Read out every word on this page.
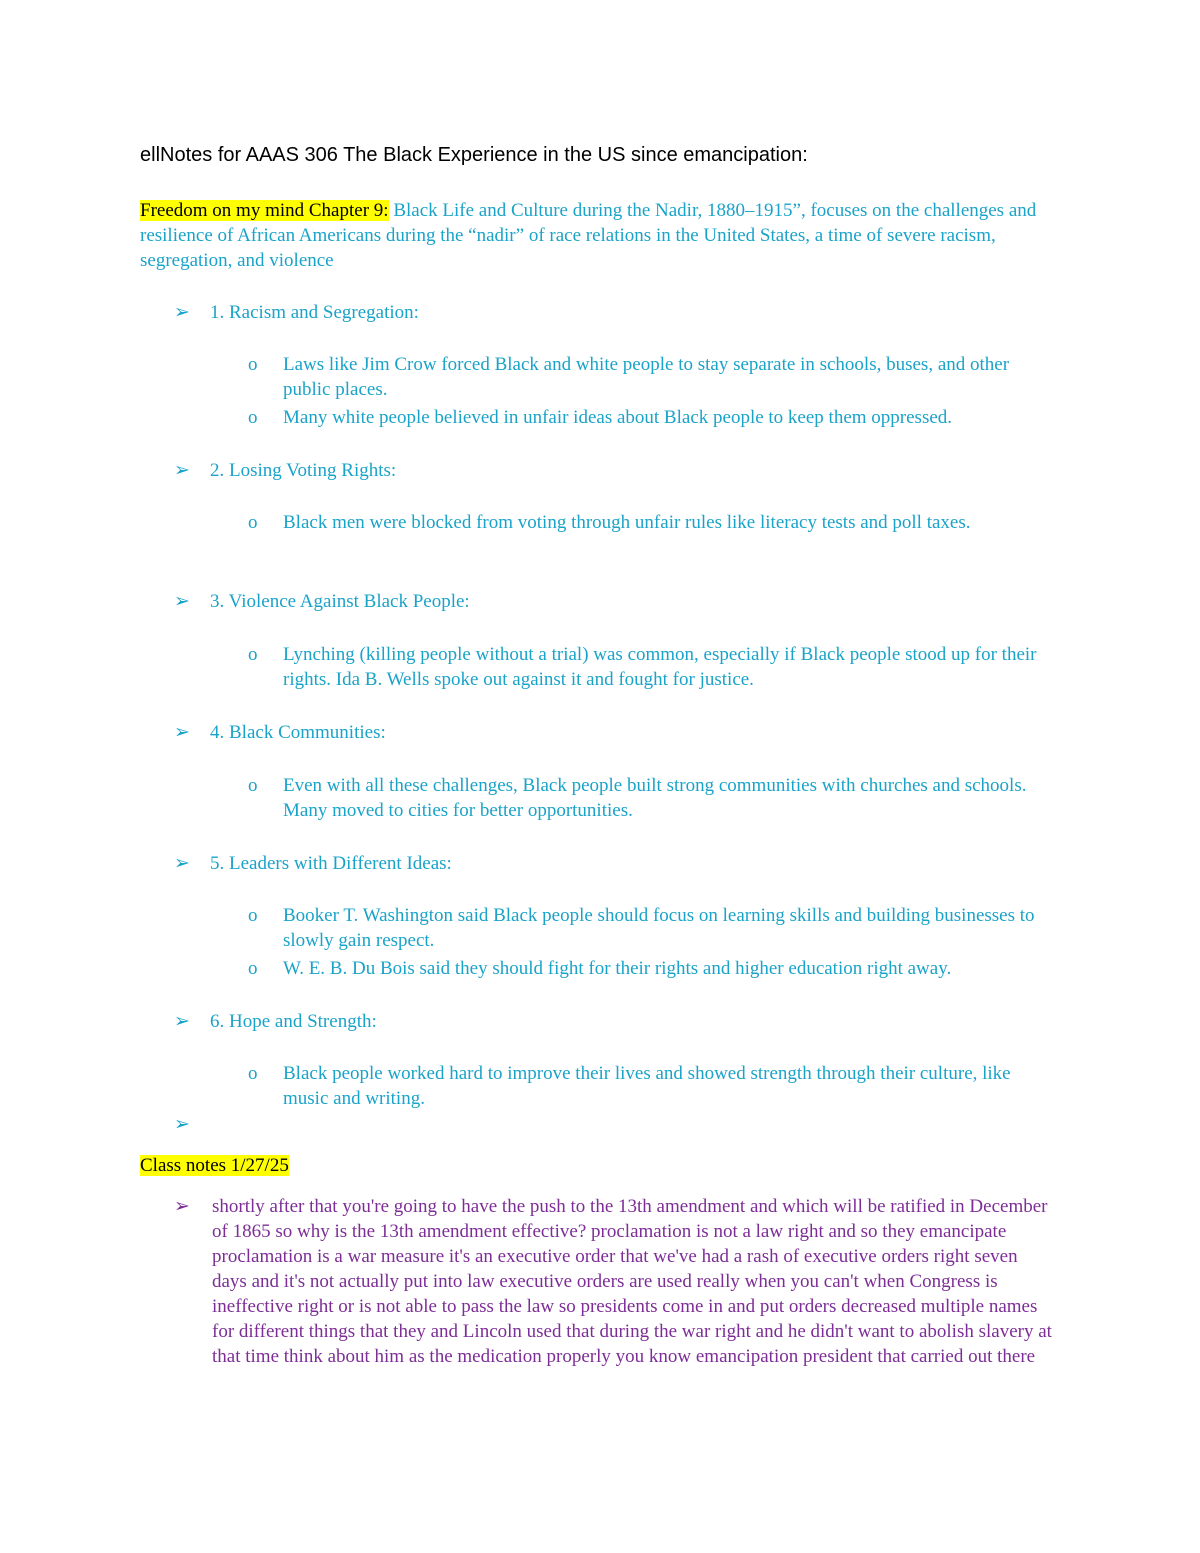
ellNotes for AAAS 306 The Black Experience in the US since emancipation:
Freedom on my mind Chapter 9: Black Life and Culture during the Nadir, 1880–1915”, focuses on the challenges and resilience of African Americans during the “nadir” of race relations in the United States, a time of severe racism, segregation, and violence
➢ 1. Racism and Segregation:
o Laws like Jim Crow forced Black and white people to stay separate in schools, buses, and other public places.
o Many white people believed in unfair ideas about Black people to keep them oppressed.
➢ 2. Losing Voting Rights:
o Black men were blocked from voting through unfair rules like literacy tests and poll taxes.
➢ 3. Violence Against Black People:
o Lynching (killing people without a trial) was common, especially if Black people stood up for their rights. Ida B. Wells spoke out against it and fought for justice.
➢ 4. Black Communities:
o Even with all these challenges, Black people built strong communities with churches and schools. Many moved to cities for better opportunities.
➢ 5. Leaders with Different Ideas:
o Booker T. Washington said Black people should focus on learning skills and building businesses to slowly gain respect.
o W. E. B. Du Bois said they should fight for their rights and higher education right away.
➢ 6. Hope and Strength:
o Black people worked hard to improve their lives and showed strength through their culture, like music and writing.
➢
Class notes 1/27/25
➢ shortly after that you're going to have the push to the 13th amendment and which will be ratified in December of 1865 so why is the 13th amendment effective? proclamation is not a law right and so they emancipate proclamation is a war measure it's an executive order that we've had a rash of executive orders right seven days and it's not actually put into law executive orders are used really when you can't when Congress is ineffective right or is not able to pass the law so presidents come in and put orders decreased multiple names for different things that they and Lincoln used that during the war right and he didn't want to abolish slavery at that time think about him as the medication properly you know emancipation president that carried out there
